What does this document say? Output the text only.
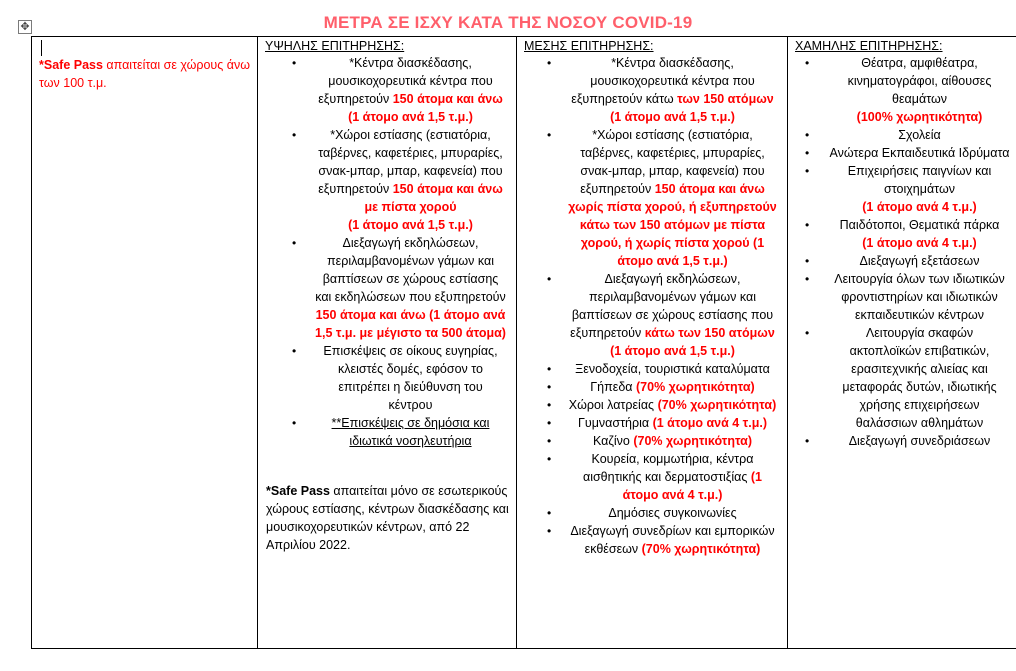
✥	ΜΕΤΡΑ ΣΕ ΙΣΧΥ ΚΑΤΑ ΤΗΣ ΝΟΣΟΥ COVID-19
*Safe Pass απαιτείται σε χώρους άνω των 100 τ.μ.

ΥΨΗΛΗΣ ΕΠΙΤΗΡΗΣΗΣ:
• *Κέντρα διασκέδασης, μουσικοχορευτικά κέντρα που εξυπηρετούν 150 άτομα και άνω (1 άτομο ανά 1,5 τ.μ.)
• *Χώροι εστίασης (εστιατόρια, ταβέρνες, καφετέριες, μπυραρίες, σνακ-μπαρ, μπαρ, καφενεία) που εξυπηρετούν 150 άτομα και άνω με πίστα χορού
(1 άτομο ανά 1,5 τ.μ.)
• Διεξαγωγή εκδηλώσεων, περιλαμβανομένων γάμων και βαπτίσεων σε χώρους εστίασης και εκδηλώσεων που εξυπηρετούν 150 άτομα και άνω (1 άτομο ανά 1,5 τ.μ. με μέγιστο τα 500 άτομα)
• Επισκέψεις σε οίκους ευγηρίας, κλειστές δομές, εφόσον το επιτρέπει η διεύθυνση του κέντρου
• **Επισκέψεις σε δημόσια και ιδιωτικά νοσηλευτήρια
*Safe Pass απαιτείται μόνο σε εσωτερικούς χώρους εστίασης, κέντρων διασκέδασης και μουσικοχορευτικών κέντρων, από 22 Απριλίου 2022.

ΜΕΣΗΣ ΕΠΙΤΗΡΗΣΗΣ:
• *Κέντρα διασκέδασης, μουσικοχορευτικά κέντρα που εξυπηρετούν κάτω των 150 ατόμων (1 άτομο ανά 1,5 τ.μ.)
• *Χώροι εστίασης (εστιατόρια, ταβέρνες, καφετέριες, μπυραρίες, σνακ-μπαρ, μπαρ, καφενεία) που εξυπηρετούν 150 άτομα και άνω χωρίς πίστα χορού, ή εξυπηρετούν κάτω των 150 ατόμων με πίστα χορού, ή χωρίς πίστα χορού (1 άτομο ανά 1,5 τ.μ.)
• Διεξαγωγή εκδηλώσεων, περιλαμβανομένων γάμων και βαπτίσεων σε χώρους εστίασης που εξυπηρετούν κάτω των 150 ατόμων (1 άτομο ανά 1,5 τ.μ.)
• Ξενοδοχεία, τουριστικά καταλύματα
• Γήπεδα (70% χωρητικότητα)
• Χώροι λατρείας (70% χωρητικότητα)
• Γυμναστήρια (1 άτομο ανά 4 τ.μ.)
• Καζίνο (70% χωρητικότητα)
• Κουρεία, κομμωτήρια, κέντρα αισθητικής και δερματοστιξίας (1 άτομο ανά 4 τ.μ.)
• Δημόσιες συγκοινωνίες
• Διεξαγωγή συνεδρίων και εμπορικών εκθέσεων (70% χωρητικότητα)

ΧΑΜΗΛΗΣ ΕΠΙΤΗΡΗΣΗΣ:
• Θέατρα, αμφιθέατρα, κινηματογράφοι, αίθουσες θεαμάτων
(100% χωρητικότητα)
• Σχολεία
• Ανώτερα Εκπαιδευτικά Ιδρύματα
• Επιχειρήσεις παιγνίων και στοιχημάτων
(1 άτομο ανά 4 τ.μ.)
• Παιδότοποι, Θεματικά πάρκα
(1 άτομο ανά 4 τ.μ.)
• Διεξαγωγή εξετάσεων
• Λειτουργία όλων των ιδιωτικών φροντιστηρίων και ιδιωτικών εκπαιδευτικών κέντρων
• Λειτουργία σκαφών ακτοπλοϊκών επιβατικών, ερασιτεχνικής αλιείας και μεταφοράς δυτών, ιδιωτικής χρήσης επιχειρήσεων θαλάσσιων αθλημάτων
• Διεξαγωγή συνεδριάσεων
